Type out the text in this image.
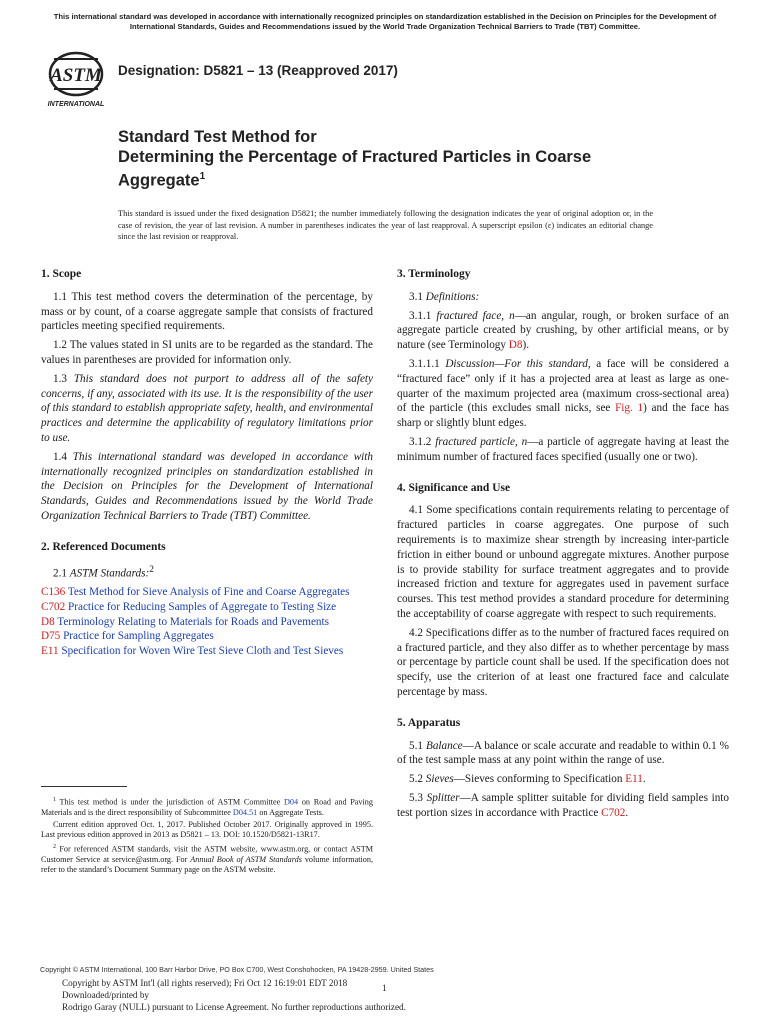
This international standard was developed in accordance with internationally recognized principles on standardization established in the Decision on Principles for the Development of International Standards, Guides and Recommendations issued by the World Trade Organization Technical Barriers to Trade (TBT) Committee.
ASTM
INTERNATIONAL
Designation: D5821 – 13 (Reapproved 2017)
Standard Test Method for
Determining the Percentage of Fractured Particles in Coarse
Aggregate$^1$
This standard is issued under the fixed designation D5821; the number immediately following the designation indicates the year of original adoption or, in the case of revision, the year of last revision. A number in parentheses indicates the year of last reapproval. A superscript epsilon (ε) indicates an editorial change since the last revision or reapproval.
1. Scope

1.1 This test method covers the determination of the percentage, by mass or by count, of a coarse aggregate sample that consists of fractured particles meeting specified requirements.

1.2 The values stated in SI units are to be regarded as the standard. The values in parentheses are provided for information only.

1.3 This standard does not purport to address all of the safety concerns, if any, associated with its use. It is the responsibility of the user of this standard to establish appropriate safety, health, and environmental practices and determine the applicability of regulatory limitations prior to use.

1.4 This international standard was developed in accordance with internationally recognized principles on standardization established in the Decision on Principles for the Development of International Standards, Guides and Recommendations issued by the World Trade Organization Technical Barriers to Trade (TBT) Committee.

2. Referenced Documents

2.1 ASTM Standards:$^2$

C136 Test Method for Sieve Analysis of Fine and Coarse Aggregates
C702 Practice for Reducing Samples of Aggregate to Testing Size
D8 Terminology Relating to Materials for Roads and Pavements
D75 Practice for Sampling Aggregates
E11 Specification for Woven Wire Test Sieve Cloth and Test Sieves

$^1$ This test method is under the jurisdiction of ASTM Committee D04 on Road and Paving Materials and is the direct responsibility of Subcommittee D04.51 on Aggregate Tests.

Current edition approved Oct. 1, 2017. Published October 2017. Originally approved in 1995. Last previous edition approved in 2013 as D5821 – 13. DOI: 10.1520/D5821-13R17.

$^2$ For referenced ASTM standards, visit the ASTM website, www.astm.org, or contact ASTM Customer Service at service@astm.org. For Annual Book of ASTM Standards volume information, refer to the standard’s Document Summary page on the ASTM website.

3. Terminology

3.1 Definitions:

3.1.1 fractured face, n—an angular, rough, or broken surface of an aggregate particle created by crushing, by other artificial means, or by nature (see Terminology D8).

3.1.1.1 Discussion—For this standard, a face will be considered a “fractured face” only if it has a projected area at least as large as one-quarter of the maximum projected area (maximum cross-sectional area) of the particle (this excludes small nicks, see Fig. 1) and the face has sharp or slightly blunt edges.

3.1.2 fractured particle, n—a particle of aggregate having at least the minimum number of fractured faces specified (usually one or two).

4. Significance and Use

4.1 Some specifications contain requirements relating to percentage of fractured particles in coarse aggregates. One purpose of such requirements is to maximize shear strength by increasing inter-particle friction in either bound or unbound aggregate mixtures. Another purpose is to provide stability for surface treatment aggregates and to provide increased friction and texture for aggregates used in pavement surface courses. This test method provides a standard procedure for determining the acceptability of coarse aggregate with respect to such requirements.

4.2 Specifications differ as to the number of fractured faces required on a fractured particle, and they also differ as to whether percentage by mass or percentage by particle count shall be used. If the specification does not specify, use the criterion of at least one fractured face and calculate percentage by mass.

5. Apparatus

5.1 Balance—A balance or scale accurate and readable to within 0.1 % of the test sample mass at any point within the range of use.

5.2 Sieves—Sieves conforming to Specification E11.

5.3 Splitter—A sample splitter suitable for dividing field samples into test portion sizes in accordance with Practice C702.

Copyright © ASTM International, 100 Barr Harbor Drive, PO Box C700, West Conshohocken, PA 19428-2959. United States
Copyright by ASTM Int'l (all rights reserved); Fri Oct 12 16:19:01 EDT 2018
Downloaded/printed by
Rodrigo Garay (NULL) pursuant to License Agreement. No further reproductions authorized.
1
